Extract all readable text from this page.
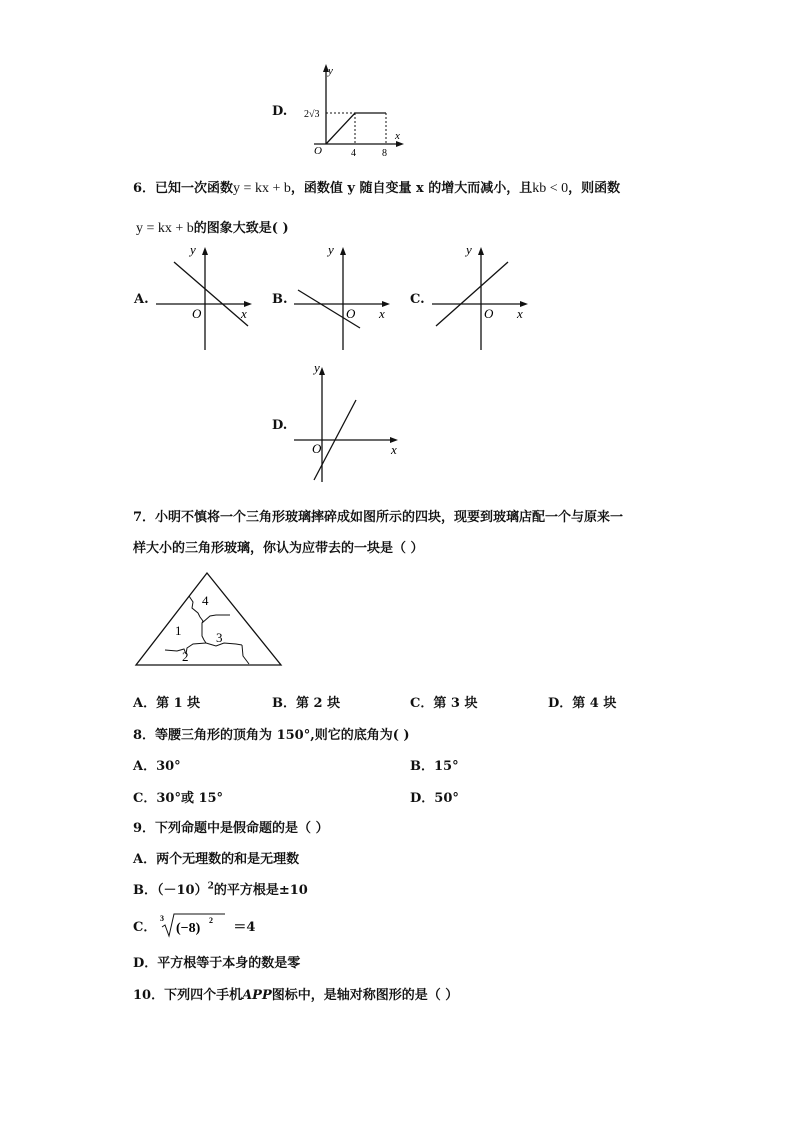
D.
y
x
O
2√3
4	8
6．已知一次函数y = kx + b，函数值 y 随自变量 x 的增大而减小，且kb < 0，则函数
y = kx + b的图象大致是( )
A.
y
x
O
B.
y
x
O
C.
y
x
O
D.
y
x
O
7．小明不慎将一个三角形玻璃摔碎成如图所示的四块，现要到玻璃店配一个与原来一
样大小的三角形玻璃，你认为应带去的一块是（ ）
4
1	3
2
A．第 1 块	B．第 2 块	C．第 3 块	D．第 4 块
8．等腰三角形的顶角为 150°,则它的底角为( )
A．30°	B．15°
C．30°或 15°	D．50°
9．下列命题中是假命题的是（ ）
A．两个无理数的和是无理数
B．$(-10)^2$的平方根是±10
C．
3
(−8)
2 ＝4
D．平方根等于本身的数是零
10．下列四个手机APP图标中，是轴对称图形的是（ ）
